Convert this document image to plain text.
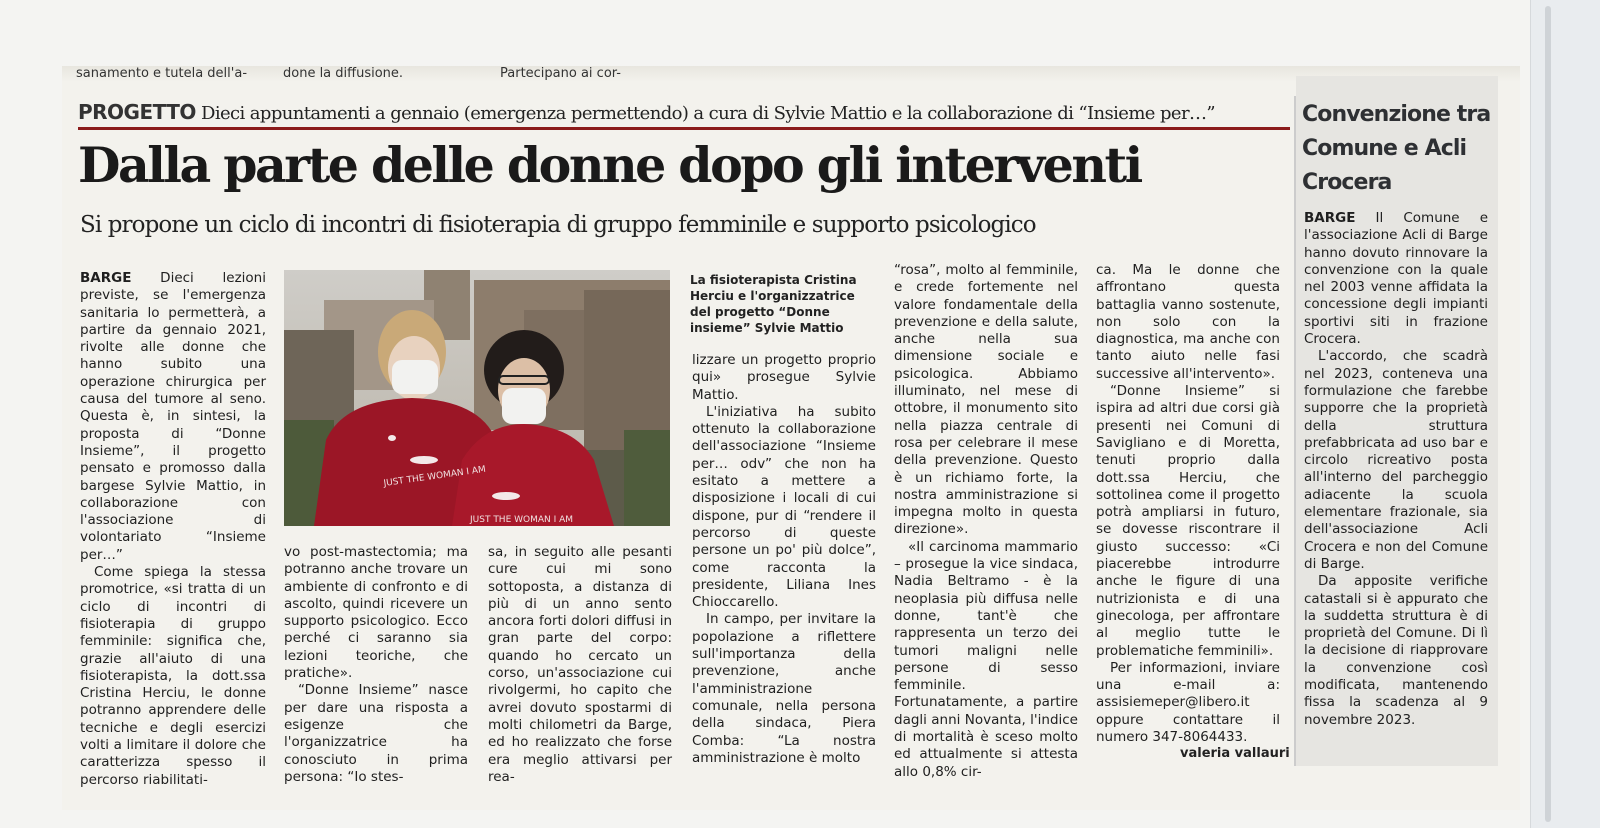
sanamento e tutela dell'a-	done la diffusione.	Partecipano ai cor-
PROGETTO Dieci appuntamenti a gennaio (emergenza permettendo) a cura di Sylvie Mattio e la collaborazione di “Insieme per…”
Dalla parte delle donne dopo gli interventi
Si propone un ciclo di incontri di fisioterapia di gruppo femminile e supporto psicologico

BARGE Dieci lezioni previste, se l'emergenza sanitaria lo permetterà, a partire da gennaio 2021, rivolte alle donne che hanno subito una operazione chirurgica per causa del tumore al seno. Questa è, in sintesi, la proposta di “Donne Insieme”, il progetto pensato e promosso dalla bargese Sylvie Mattio, in collaborazione con l'associazione di volontariato “Insieme per…”

Come spiega la stessa promotrice, «si tratta di un ciclo di incontri di fisioterapia di gruppo femminile: significa che, grazie all'aiuto di una fisioterapista, la dott.ssa Cristina Herciu, le donne potranno apprendere delle tecniche e degli esercizi volti a limitare il dolore che caratterizza spesso il percorso riabilitati-

JUST THE WOMAN I AM
JUST THE WOMAN I AM
La fisioterapista Cristina Herciu e l'organizzatrice del progetto “Donne insieme” Sylvie Mattio

vo post-mastectomia; ma potranno anche trovare un ambiente di confronto e di ascolto, quindi ricevere un supporto psicologico. Ecco perché ci saranno sia lezioni teoriche, che pratiche».

“Donne Insieme” nasce per dare una risposta a esigenze che l'organizzatrice ha conosciuto in prima persona: “Io stes-

sa, in seguito alle pesanti cure cui mi sono sottoposta, a distanza di più di un anno sento ancora forti dolori diffusi in gran parte del corpo: quando ho cercato un corso, un'associazione cui rivolgermi, ho capito che avrei dovuto spostarmi di molti chilometri da Barge, ed ho realizzato che forse era meglio attivarsi per rea-

lizzare un progetto proprio qui» prosegue Sylvie Mattio.

L'iniziativa ha subito ottenuto la collaborazione dell'associazione “Insieme per… odv” che non ha esitato a mettere a disposizione i locali di cui dispone, pur di “rendere il percorso di queste persone un po' più dolce”, come racconta la presidente, Liliana Ines Chioccarello.

In campo, per invitare la popolazione a riflettere sull'importanza della prevenzione, anche l'amministrazione comunale, nella persona della sindaca, Piera Comba: “La nostra amministrazione è molto

“rosa”, molto al femminile, e crede fortemente nel valore fondamentale della prevenzione e della salute, anche nella sua dimensione sociale e psicologica. Abbiamo illuminato, nel mese di ottobre, il monumento sito nella piazza centrale di rosa per celebrare il mese della prevenzione. Questo è un richiamo forte, la nostra amministrazione si impegna molto in questa direzione».

«Il carcinoma mammario – prosegue la vice sindaca, Nadia Beltramo - è la neoplasia più diffusa nelle donne, tant'è che rappresenta un terzo dei tumori maligni nelle persone di sesso femminile. Fortunatamente, a partire dagli anni Novanta, l'indice di mortalità è sceso molto ed attualmente si attesta allo 0,8% cir-

ca. Ma le donne che affrontano questa battaglia vanno sostenute, non solo con la diagnostica, ma anche con tanto aiuto nelle fasi successive all'intervento».

“Donne Insieme” si ispira ad altri due corsi già presenti nei Comuni di Savigliano e di Moretta, tenuti proprio dalla dott.ssa Herciu, che sottolinea come il progetto potrà ampliarsi in futuro, se dovesse riscontrare il giusto successo: «Ci piacerebbe introdurre anche le figure di una nutrizionista e di una ginecologa, per affrontare al meglio tutte le problematiche femminili».

Per informazioni, inviare una e-mail a: assisiemeper@libero.it oppure contattare il numero 347-8064433.

valeria vallauri
Convenzione tra Comune e Acli Crocera

BARGE Il Comune e l'associazione Acli di Barge hanno dovuto rinnovare la convenzione con la quale nel 2003 venne affidata la concessione degli impianti sportivi siti in frazione Crocera.

L'accordo, che scadrà nel 2023, conteneva una formulazione che farebbe supporre che la proprietà della struttura prefabbricata ad uso bar e circolo ricreativo posta all'interno del parcheggio adiacente la scuola elementare frazionale, sia dell'associazione Acli Crocera e non del Comune di Barge.

Da apposite verifiche catastali si è appurato che la suddetta struttura è di proprietà del Comune. Di lì la decisione di riapprovare la convenzione così modificata, mantenendo fissa la scadenza al 9 novembre 2023.
